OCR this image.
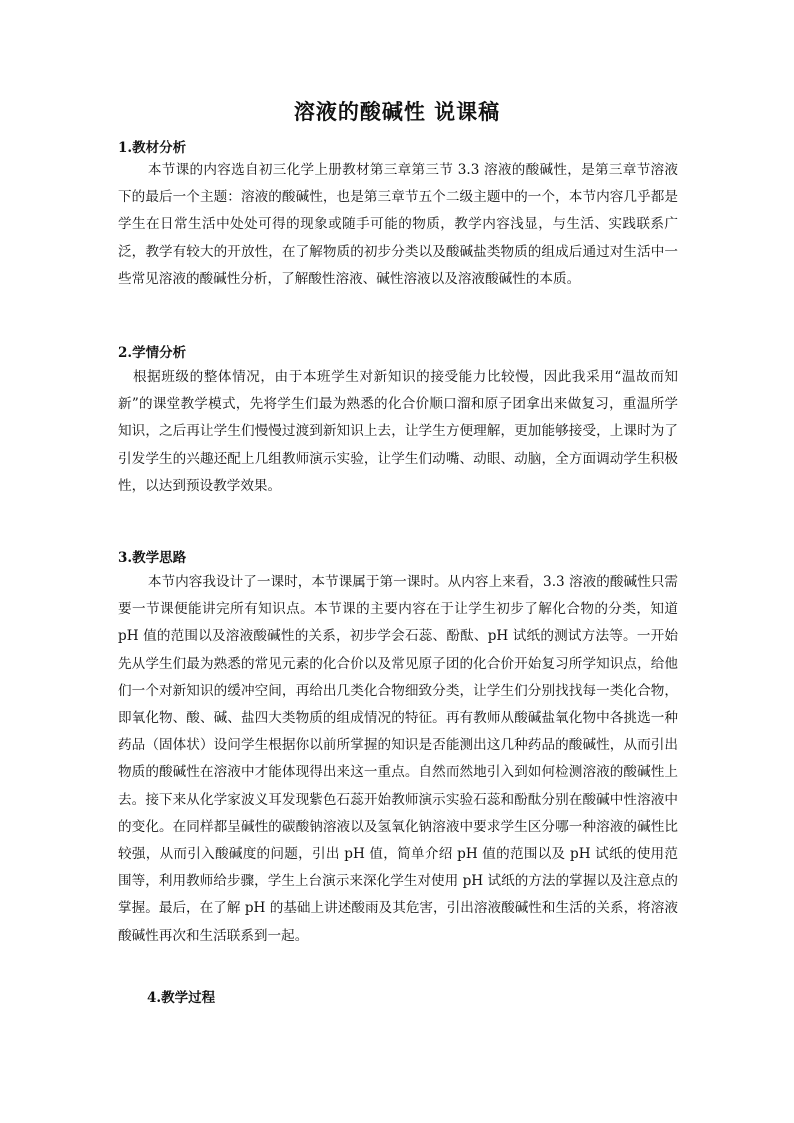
溶液的酸碱性 说课稿
1.教材分析

本节课的内容选自初三化学上册教材第三章第三节 3.3 溶液的酸碱性，是第三章节溶液下的最后一个主题：溶液的酸碱性，也是第三章节五个二级主题中的一个，本节内容几乎都是学生在日常生活中处处可得的现象或随手可能的物质，教学内容浅显，与生活、实践联系广泛，教学有较大的开放性，在了解物质的初步分类以及酸碱盐类物质的组成后通过对生活中一些常见溶液的酸碱性分析，了解酸性溶液、碱性溶液以及溶液酸碱性的本质。

2.学情分析

根据班级的整体情况，由于本班学生对新知识的接受能力比较慢，因此我采用“温故而知新”的课堂教学模式，先将学生们最为熟悉的化合价顺口溜和原子团拿出来做复习，重温所学知识，之后再让学生们慢慢过渡到新知识上去，让学生方便理解，更加能够接受，上课时为了引发学生的兴趣还配上几组教师演示实验，让学生们动嘴、动眼、动脑，全方面调动学生积极性，以达到预设教学效果。

3.教学思路

本节内容我设计了一课时，本节课属于第一课时。从内容上来看，3.3 溶液的酸碱性只需要一节课便能讲完所有知识点。本节课的主要内容在于让学生初步了解化合物的分类，知道 pH 值的范围以及溶液酸碱性的关系，初步学会石蕊、酚酞、pH 试纸的测试方法等。一开始先从学生们最为熟悉的常见元素的化合价以及常见原子团的化合价开始复习所学知识点，给他们一个对新知识的缓冲空间，再给出几类化合物细致分类，让学生们分别找找每一类化合物，即氧化物、酸、碱、盐四大类物质的组成情况的特征。再有教师从酸碱盐氧化物中各挑选一种药品（固体状）设问学生根据你以前所掌握的知识是否能测出这几种药品的酸碱性，从而引出物质的酸碱性在溶液中才能体现得出来这一重点。自然而然地引入到如何检测溶液的酸碱性上去。接下来从化学家波义耳发现紫色石蕊开始教师演示实验石蕊和酚酞分别在酸碱中性溶液中的变化。在同样都呈碱性的碳酸钠溶液以及氢氧化钠溶液中要求学生区分哪一种溶液的碱性比较强，从而引入酸碱度的问题，引出 pH 值，简单介绍 pH 值的范围以及 pH 试纸的使用范围等，利用教师给步骤，学生上台演示来深化学生对使用 pH 试纸的方法的掌握以及注意点的掌握。最后，在了解 pH 的基础上讲述酸雨及其危害，引出溶液酸碱性和生活的关系，将溶液酸碱性再次和生活联系到一起。

4.教学过程
